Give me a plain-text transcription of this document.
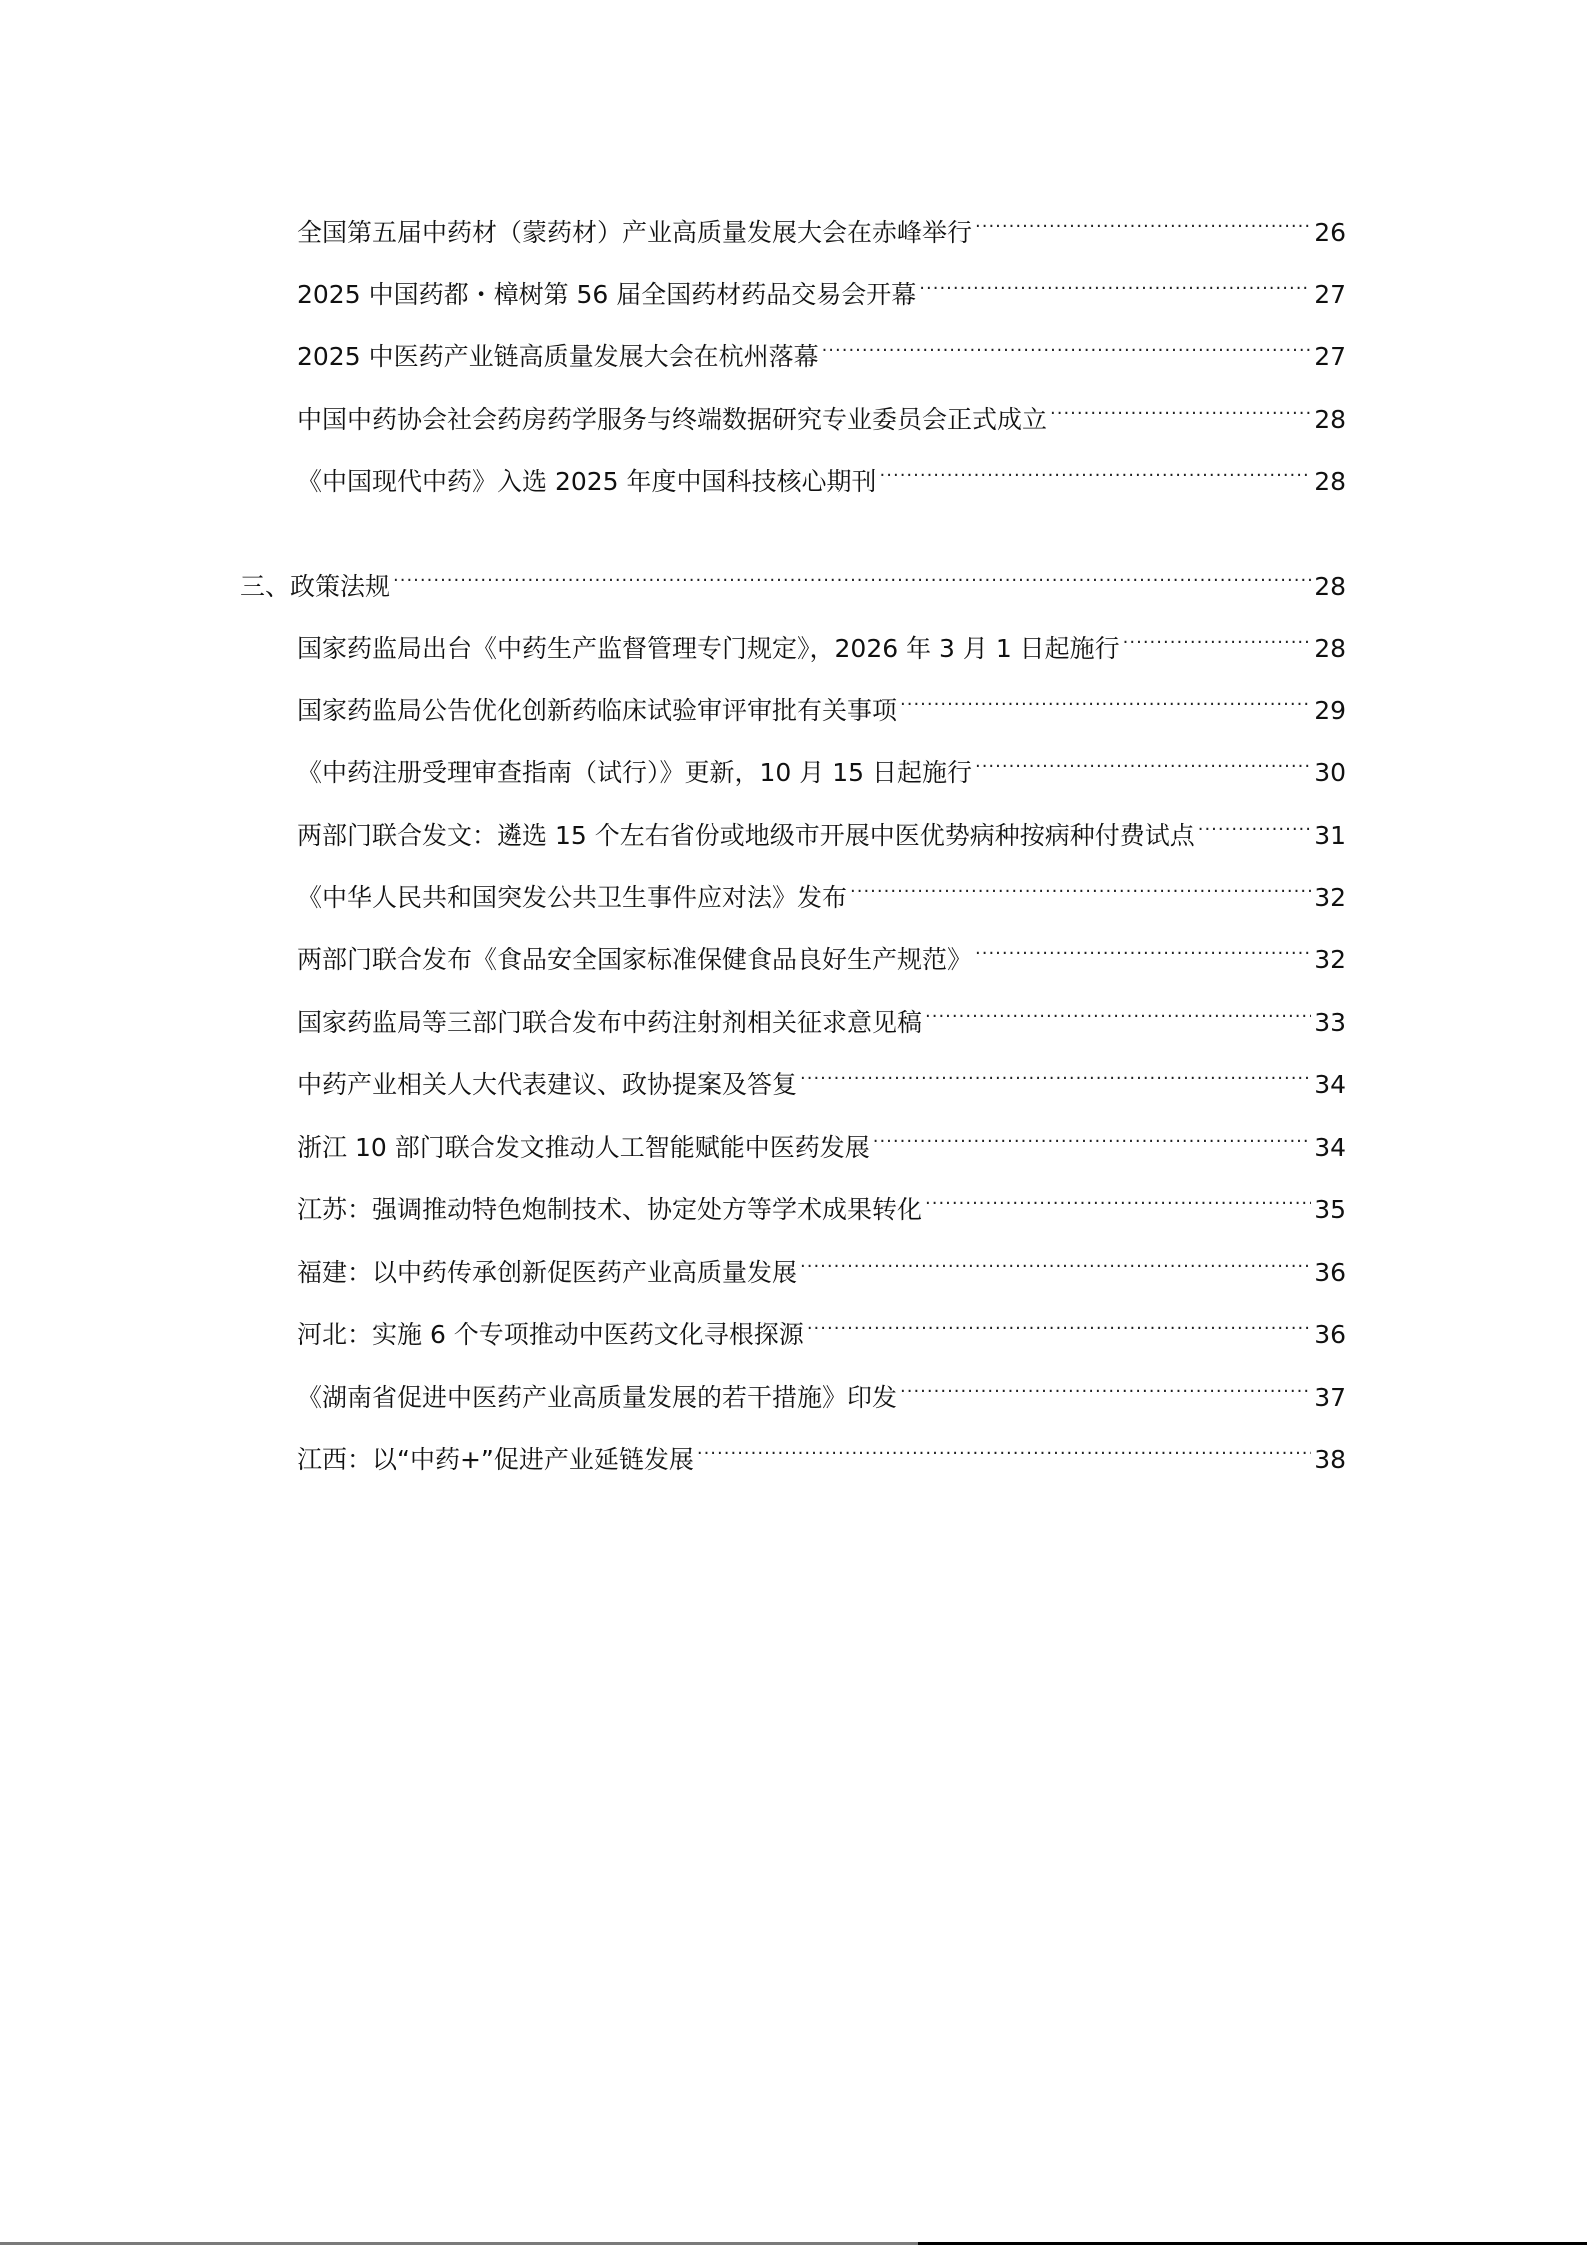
全国第五届中药材（蒙药材）产业高质量发展大会在赤峰举行 .....	26
2025 中国药都・樟树第 56 届全国药材药品交易会开幕 .....	27
2025 中医药产业链高质量发展大会在杭州落幕 .....	27
中国中药协会社会药房药学服务与终端数据研究专业委员会正式成立 .....	28
《中国现代中药》入选 2025 年度中国科技核心期刊 .....	28
三、政策法规 .....	28
国家药监局出台《中药生产监督管理专门规定》，2026 年 3 月 1 日起施行 .....	28
国家药监局公告优化创新药临床试验审评审批有关事项 .....	29
《中药注册受理审查指南（试行）》更新，10 月 15 日起施行 .....	30
两部门联合发文：遴选 15 个左右省份或地级市开展中医优势病种按病种付费试点 .....	31
《中华人民共和国突发公共卫生事件应对法》发布 .....	32
两部门联合发布《食品安全国家标准保健食品良好生产规范》 .....	32
国家药监局等三部门联合发布中药注射剂相关征求意见稿 .....	33
中药产业相关人大代表建议、政协提案及答复 .....	34
浙江 10 部门联合发文推动人工智能赋能中医药发展 .....	34
江苏：强调推动特色炮制技术、协定处方等学术成果转化 .....	35
福建：以中药传承创新促医药产业高质量发展 .....	36
河北：实施 6 个专项推动中医药文化寻根探源 .....	36
《湖南省促进中医药产业高质量发展的若干措施》印发 .....	37
江西：以“中药+”促进产业延链发展 .....	38
